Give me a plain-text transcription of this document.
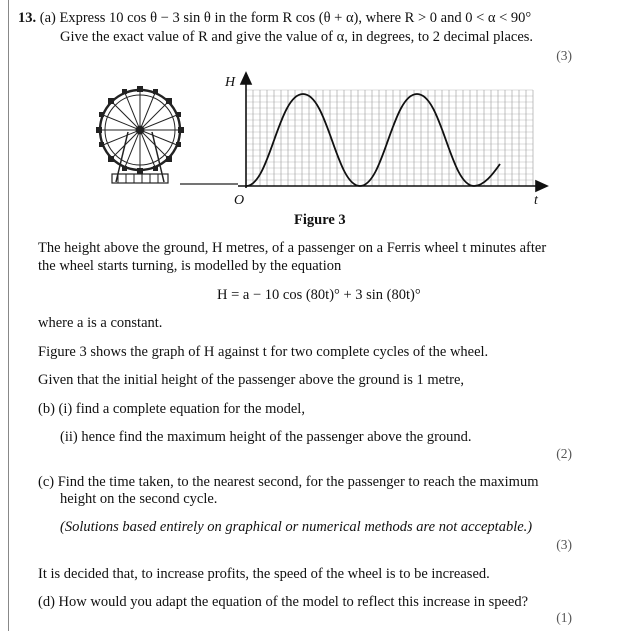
13. (a) Express 10 cos θ − 3 sin θ in the form R cos (θ + α), where R > 0 and 0 < α < 90°
Give the exact value of R and give the value of α, in degrees, to 2 decimal places.
(3)
H
O	t
Figure 3
The height above the ground, H metres, of a passenger on a Ferris wheel t minutes after
the wheel starts turning, is modelled by the equation
H = a − 10 cos (80t)° + 3 sin (80t)°
where a is a constant.
Figure 3 shows the graph of H against t for two complete cycles of the wheel.
Given that the initial height of the passenger above the ground is 1 metre,
(b) (i) find a complete equation for the model,
(ii) hence find the maximum height of the passenger above the ground.
(2)
(c) Find the time taken, to the nearest second, for the passenger to reach the maximum
height on the second cycle.
(Solutions based entirely on graphical or numerical methods are not acceptable.)
(3)
It is decided that, to increase profits, the speed of the wheel is to be increased.
(d) How would you adapt the equation of the model to reflect this increase in speed?
(1)
